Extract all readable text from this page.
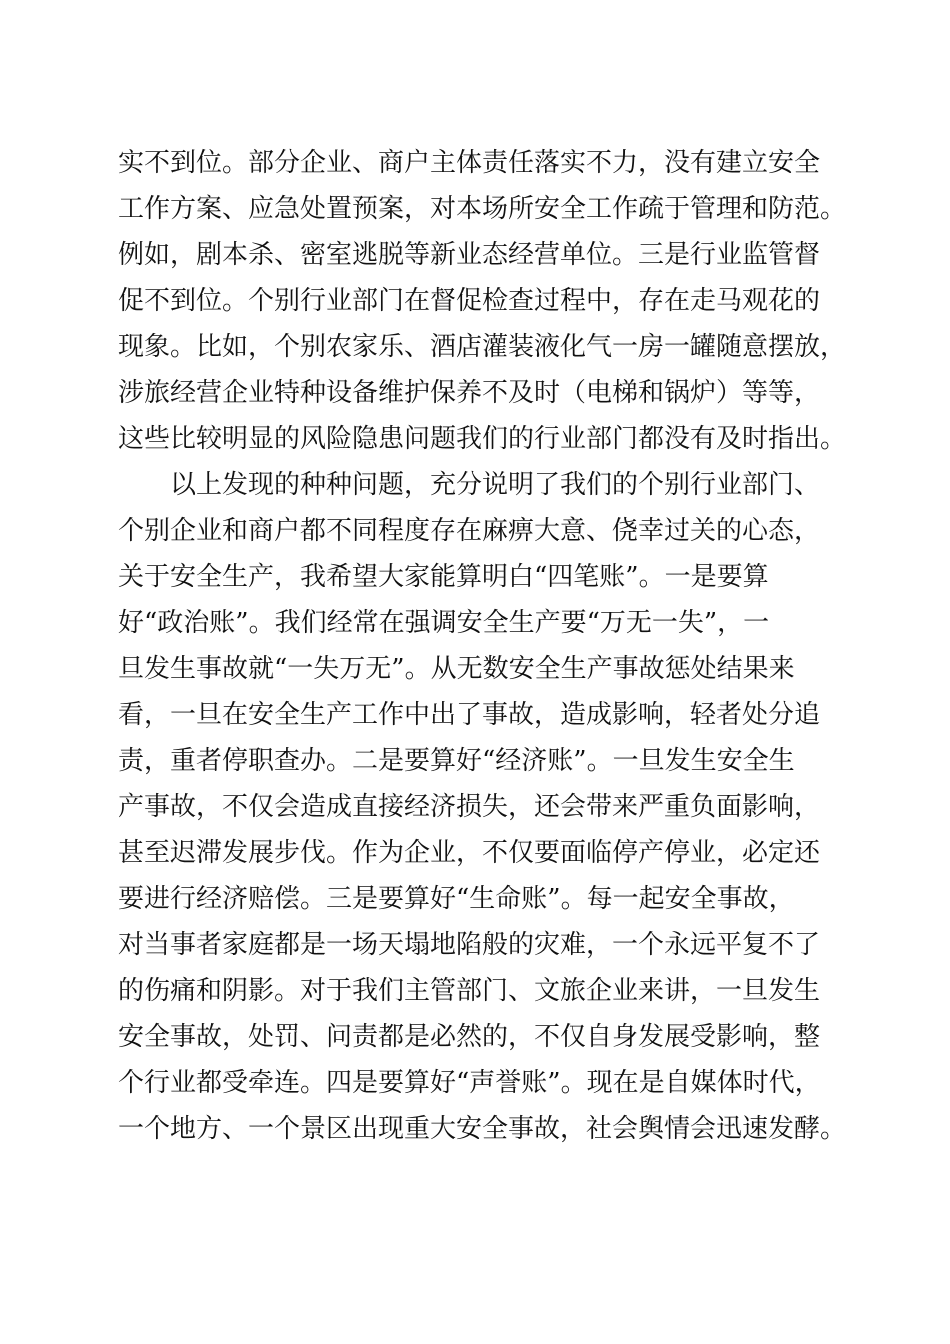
实不到位。部分企业、商户主体责任落实不力，没有建立安全
工作方案、应急处置预案，对本场所安全工作疏于管理和防范。
例如，剧本杀、密室逃脱等新业态经营单位。三是行业监管督
促不到位。个别行业部门在督促检查过程中，存在走马观花的
现象。比如，个别农家乐、酒店灌装液化气一房一罐随意摆放，
涉旅经营企业特种设备维护保养不及时（电梯和锅炉）等等，
这些比较明显的风险隐患问题我们的行业部门都没有及时指出。
以上发现的种种问题，充分说明了我们的个别行业部门、
个别企业和商户都不同程度存在麻痹大意、侥幸过关的心态，
关于安全生产，我希望大家能算明白“四笔账”。一是要算
好“政治账”。我们经常在强调安全生产要“万无一失”，一
旦发生事故就“一失万无”。从无数安全生产事故惩处结果来
看，一旦在安全生产工作中出了事故，造成影响，轻者处分追
责，重者停职查办。二是要算好“经济账”。一旦发生安全生
产事故，不仅会造成直接经济损失，还会带来严重负面影响，
甚至迟滞发展步伐。作为企业，不仅要面临停产停业，必定还
要进行经济赔偿。三是要算好“生命账”。每一起安全事故，
对当事者家庭都是一场天塌地陷般的灾难，一个永远平复不了
的伤痛和阴影。对于我们主管部门、文旅企业来讲，一旦发生
安全事故，处罚、问责都是必然的，不仅自身发展受影响，整
个行业都受牵连。四是要算好“声誉账”。现在是自媒体时代，
一个地方、一个景区出现重大安全事故，社会舆情会迅速发酵。
